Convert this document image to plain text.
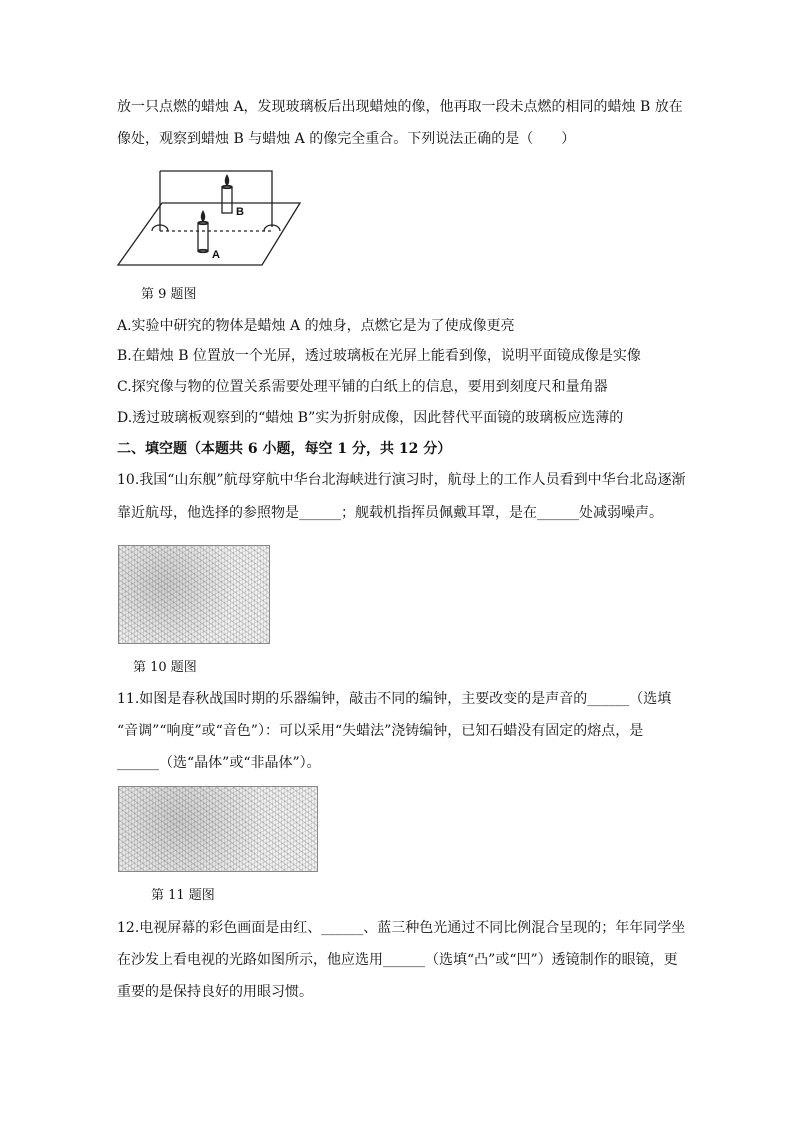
放一只点燃的蜡烛 A，发现玻璃板后出现蜡烛的像，他再取一段未点燃的相同的蜡烛 B 放在
像处，观察到蜡烛 B 与蜡烛 A 的像完全重合。下列说法正确的是（　　）
B
A
第 9 题图
A.实验中研究的物体是蜡烛 A 的烛身，点燃它是为了使成像更亮
B.在蜡烛 B 位置放一个光屏，透过玻璃板在光屏上能看到像，说明平面镜成像是实像
C.探究像与物的位置关系需要处理平铺的白纸上的信息，要用到刻度尺和量角器
D.透过玻璃板观察到的“蜡烛 B”实为折射成像，因此替代平面镜的玻璃板应选薄的
二、填空题（本题共 6 小题，每空 1 分，共 12 分）
10.我国“山东舰”航母穿航中华台北海峡进行演习时，航母上的工作人员看到中华台北岛逐渐
靠近航母，他选择的参照物是______；舰载机指挥员佩戴耳罩，是在______处减弱噪声。
第 10 题图
11.如图是春秋战国时期的乐器编钟，敲击不同的编钟，主要改变的是声音的______（选填
“音调”“响度”或“音色”）：可以采用“失蜡法”浇铸编钟，已知石蜡没有固定的熔点，是
______（选“晶体”或“非晶体”）。
第 11 题图
12.电视屏幕的彩色画面是由红、______、蓝三种色光通过不同比例混合呈现的；年年同学坐
在沙发上看电视的光路如图所示，他应选用______（选填“凸”或“凹”）透镜制作的眼镜，更
重要的是保持良好的用眼习惯。
